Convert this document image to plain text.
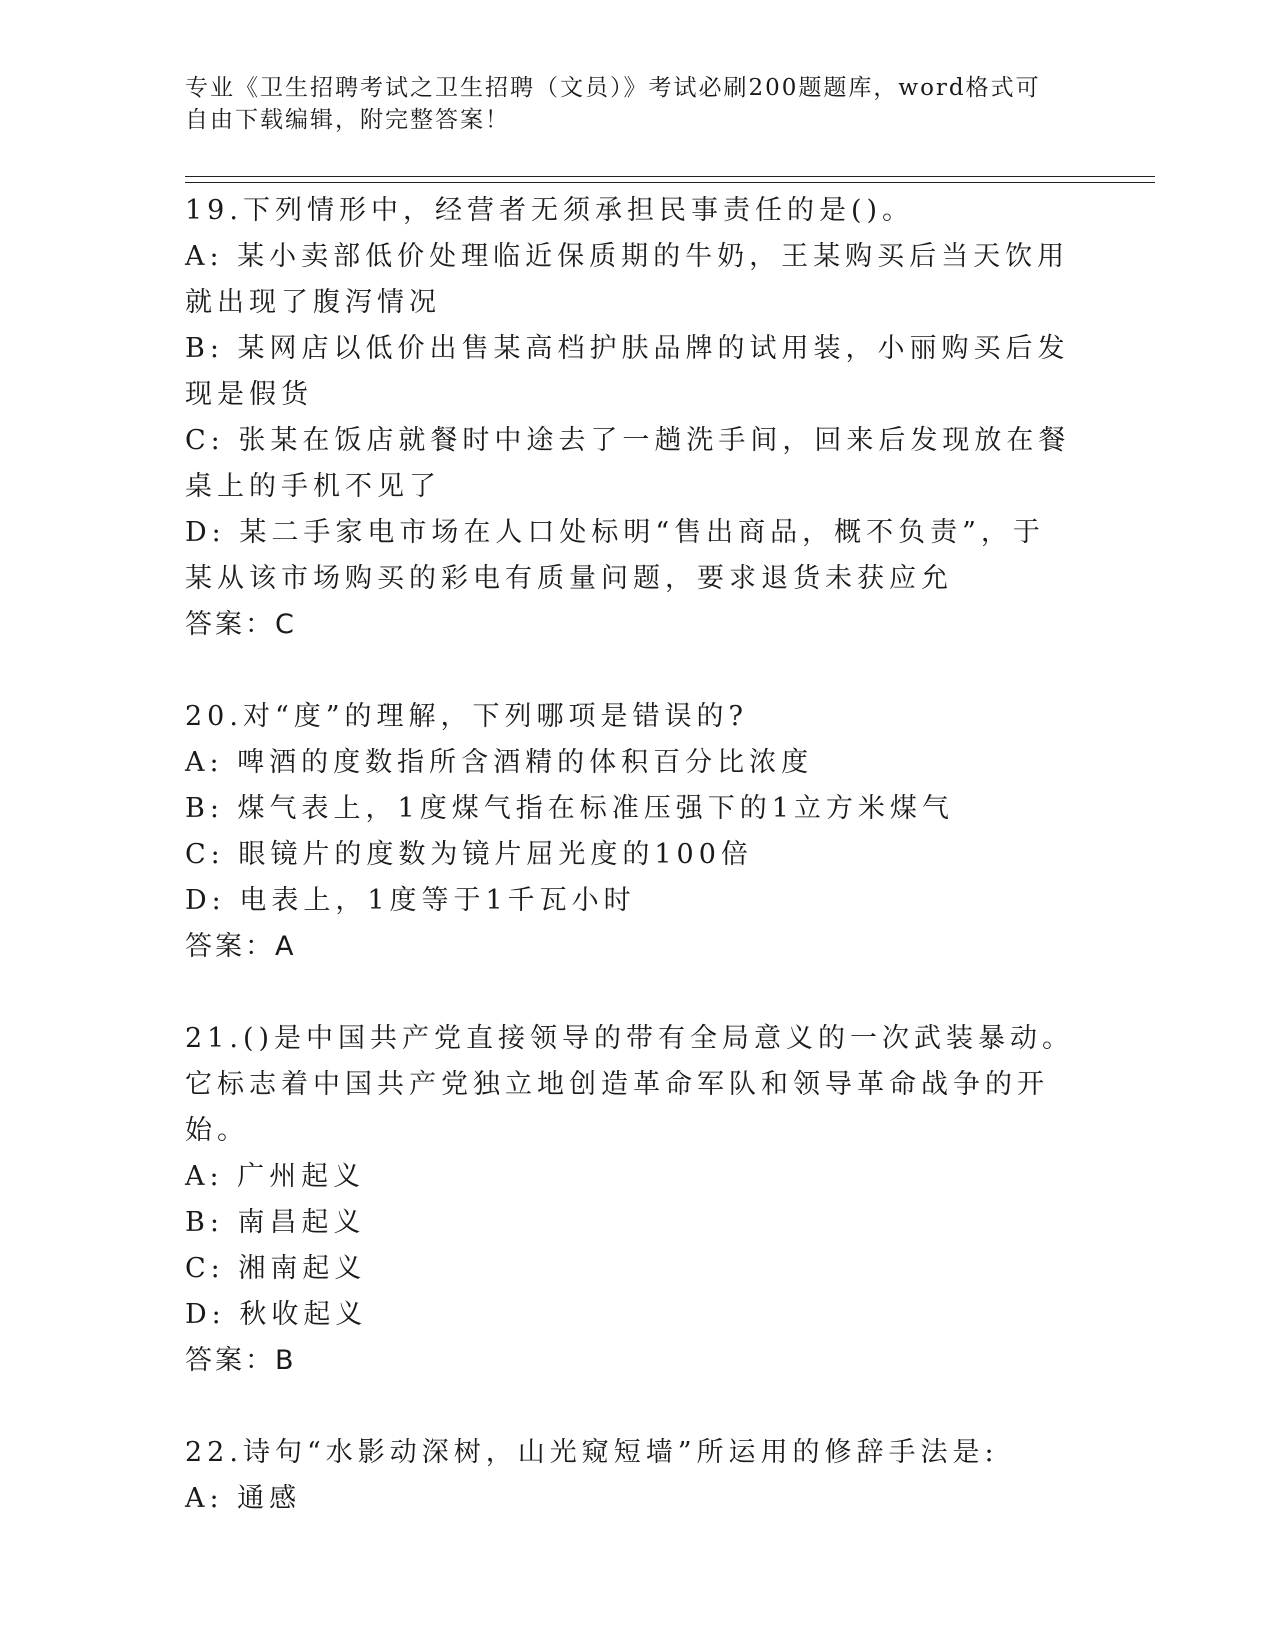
专业《卫生招聘考试之卫生招聘（文员）》考试必刷200题题库，word格式可自由下载编辑，附完整答案！

19.下列情形中，经营者无须承担民事责任的是()。

A: 某小卖部低价处理临近保质期的牛奶，王某购买后当天饮用就出现了腹泻情况

B: 某网店以低价出售某高档护肤品牌的试用装，小丽购买后发现是假货

C: 张某在饭店就餐时中途去了一趟洗手间，回来后发现放在餐桌上的手机不见了

D: 某二手家电市场在人口处标明“售出商品，概不负责”，于某从该市场购买的彩电有质量问题，要求退货未获应允

答案：C

20.对“度”的理解，下列哪项是错误的?

A: 啤酒的度数指所含酒精的体积百分比浓度

B: 煤气表上，1度煤气指在标准压强下的1立方米煤气

C: 眼镜片的度数为镜片屈光度的100倍

D: 电表上，1度等于1千瓦小时

答案：A

21.()是中国共产党直接领导的带有全局意义的一次武装暴动。它标志着中国共产党独立地创造革命军队和领导革命战争的开始。

A: 广州起义

B: 南昌起义

C: 湘南起义

D: 秋收起义

答案：B

22.诗句“水影动深树，山光窥短墙”所运用的修辞手法是:

A: 通感
